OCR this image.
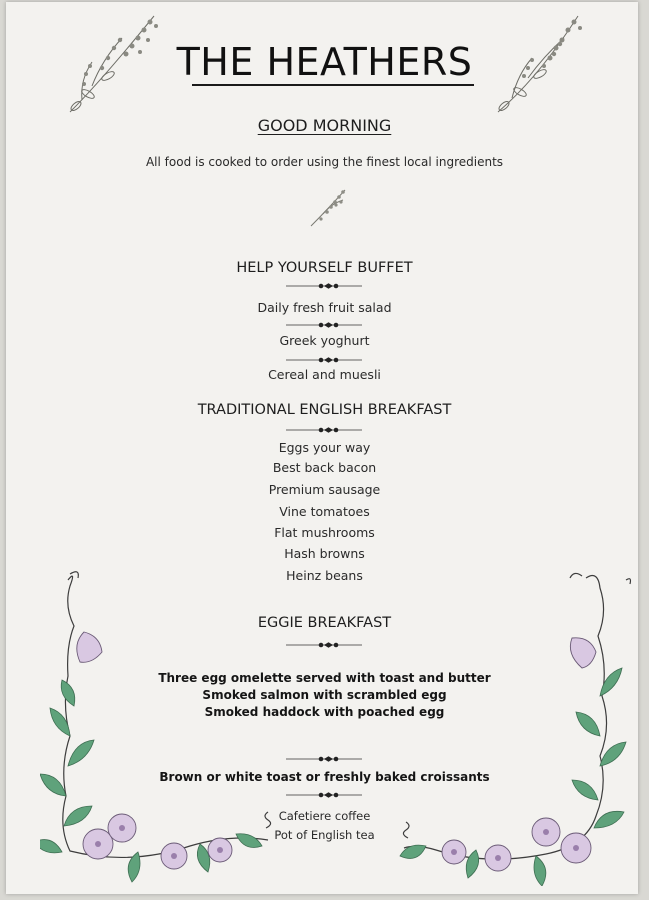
THE HEATHERS
GOOD MORNING
All food is cooked to order using the finest local ingredients
HELP YOURSELF BUFFET
Daily fresh fruit salad
Greek yoghurt
Cereal and muesli
TRADITIONAL ENGLISH BREAKFAST
Eggs your way
Best back bacon
Premium sausage
Vine tomatoes
Flat mushrooms
Hash browns
Heinz beans
EGGIE BREAKFAST
Three egg omelette served with toast and butter
Smoked salmon with scrambled egg
Smoked haddock with poached egg
Brown or white toast or freshly baked croissants
Cafetiere coffee
Pot of English tea
